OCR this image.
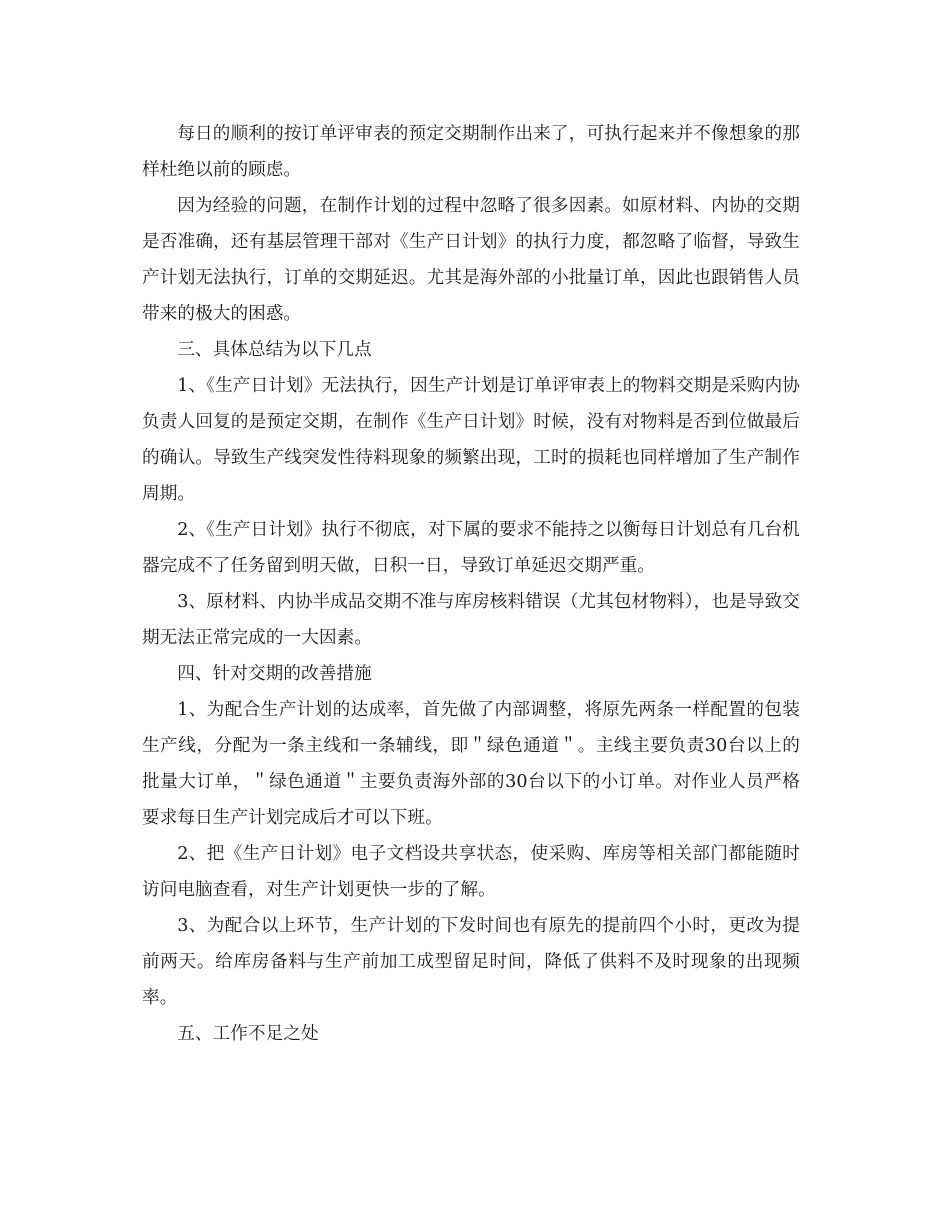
每日的顺利的按订单评审表的预定交期制作出来了，可执行起来并不像想象的那样杜绝以前的顾虑。

因为经验的问题，在制作计划的过程中忽略了很多因素。如原材料、内协的交期是否准确，还有基层管理干部对《生产日计划》的执行力度，都忽略了临督，导致生产计划无法执行，订单的交期延迟。尤其是海外部的小批量订单，因此也跟销售人员带来的极大的困惑。

三、具体总结为以下几点

1、《生产日计划》无法执行，因生产计划是订单评审表上的物料交期是采购内协负责人回复的是预定交期，在制作《生产日计划》时候，没有对物料是否到位做最后的确认。导致生产线突发性待料现象的频繁出现，工时的损耗也同样增加了生产制作周期。

2、《生产日计划》执行不彻底，对下属的要求不能持之以衡每日计划总有几台机器完成不了任务留到明天做，日积一日，导致订单延迟交期严重。

3、原材料、内协半成品交期不准与库房核料错误（尤其包材物料），也是导致交期无法正常完成的一大因素。

四、针对交期的改善措施

1、为配合生产计划的达成率，首先做了内部调整，将原先两条一样配置的包装生产线，分配为一条主线和一条辅线，即＂绿色通道＂。主线主要负责30台以上的批量大订单，＂绿色通道＂主要负责海外部的30台以下的小订单。对作业人员严格要求每日生产计划完成后才可以下班。

2、把《生产日计划》电子文档设共享状态，使采购、库房等相关部门都能随时访问电脑查看，对生产计划更快一步的了解。

3、为配合以上环节，生产计划的下发时间也有原先的提前四个小时，更改为提前两天。给库房备料与生产前加工成型留足时间，降低了供料不及时现象的出现频率。

五、工作不足之处
